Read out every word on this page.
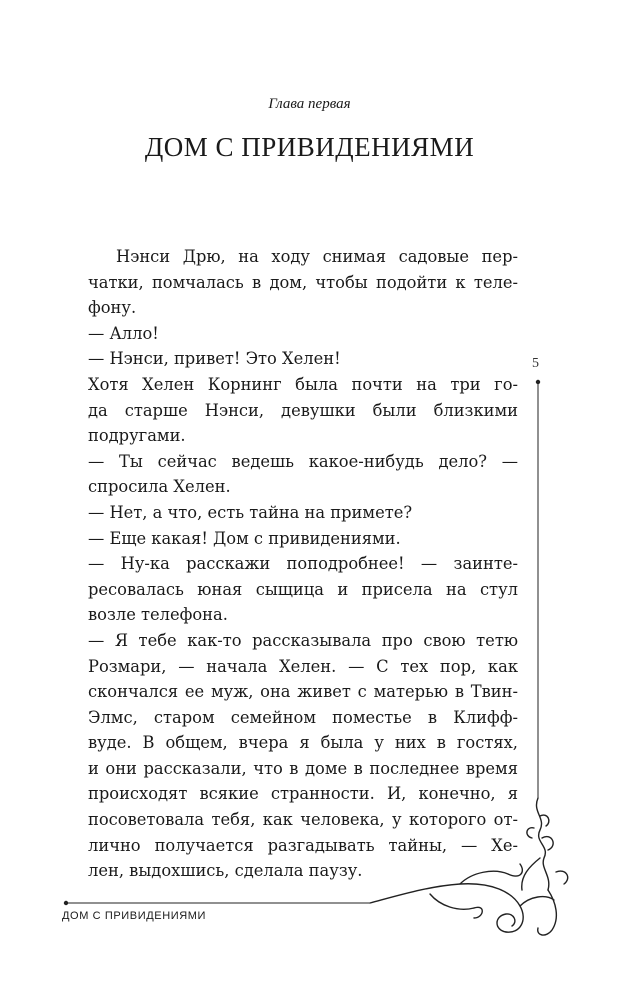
Глава первая
ДОМ С ПРИВИДЕНИЯМИ
Нэнси Дрю, на ходу снимая садовые пер-
чатки, помчалась в дом, чтобы подойти к теле-
фону.
— Алло!
— Нэнси, привет! Это Хелен!
Хотя Хелен Корнинг была почти на три го-
да старше Нэнси, девушки были близкими
подругами.
— Ты сейчас ведешь какое-нибудь дело? —
спросила Хелен.
— Нет, а что, есть тайна на примете?
— Еще какая! Дом с привидениями.
— Ну-ка расскажи поподробнее! — заинте-
ресовалась юная сыщица и присела на стул
возле телефона.
— Я тебе как-то рассказывала про свою тетю
Розмари, — начала Хелен. — С тех пор, как
скончался ее муж, она живет с матерью в Твин-
Элмс, старом семейном поместье в Клифф-
вуде. В общем, вчера я была у них в гостях,
и они рассказали, что в доме в последнее время
происходят всякие странности. И, конечно, я
посоветовала тебя, как человека, у которого от-
лично получается разгадывать тайны, — Хе-
лен, выдохшись, сделала паузу.
5
ДОМ С ПРИВИДЕНИЯМИ
